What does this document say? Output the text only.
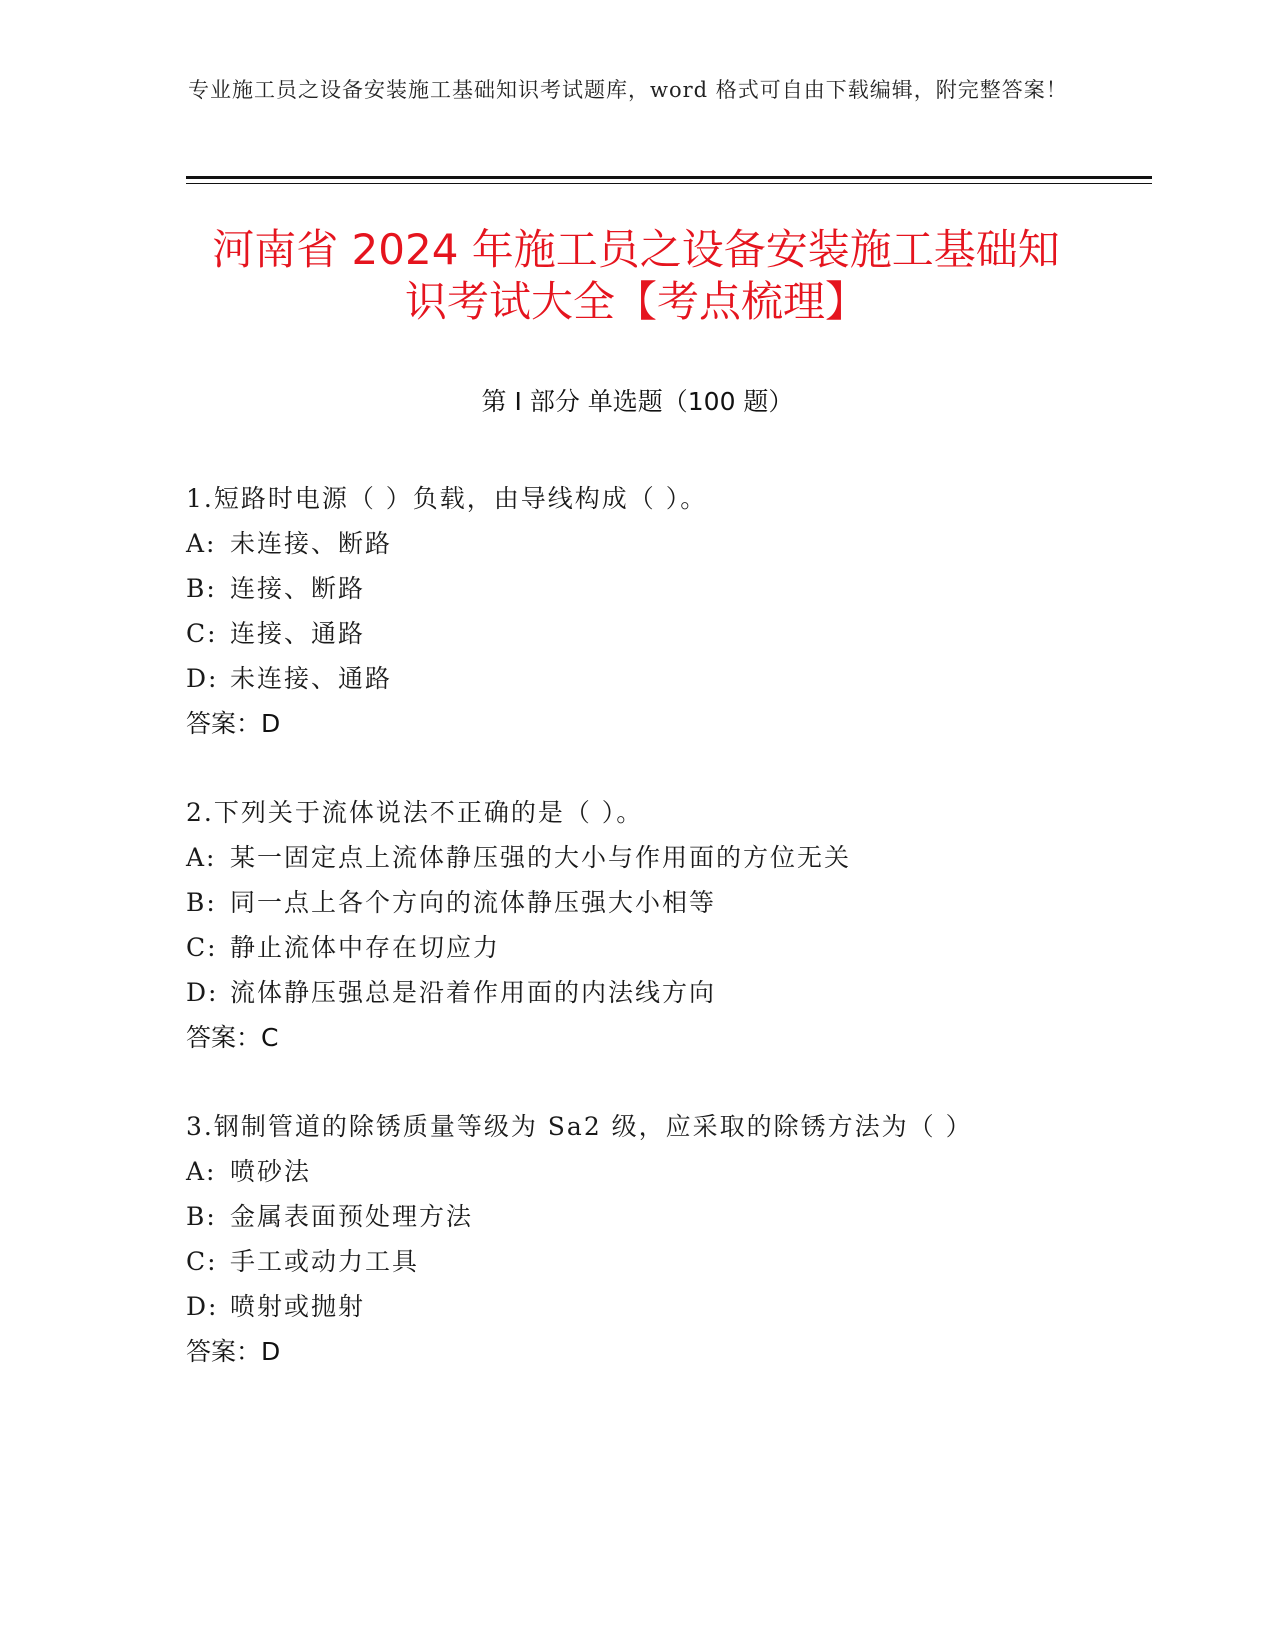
专业施工员之设备安装施工基础知识考试题库，word 格式可自由下载编辑，附完整答案！
河南省 2024 年施工员之设备安装施工基础知
识考试大全【考点梳理】
第 I 部分 单选题（100 题）
1.短路时电源（ ）负载，由导线构成（ ）。
A: 未连接、断路
B: 连接、断路
C: 连接、通路
D: 未连接、通路
答案：D
2.下列关于流体说法不正确的是（ ）。
A: 某一固定点上流体静压强的大小与作用面的方位无关
B: 同一点上各个方向的流体静压强大小相等
C: 静止流体中存在切应力
D: 流体静压强总是沿着作用面的内法线方向
答案：C
3.钢制管道的除锈质量等级为 Sa2 级，应采取的除锈方法为（ ）
A: 喷砂法
B: 金属表面预处理方法
C: 手工或动力工具
D: 喷射或抛射
答案：D
